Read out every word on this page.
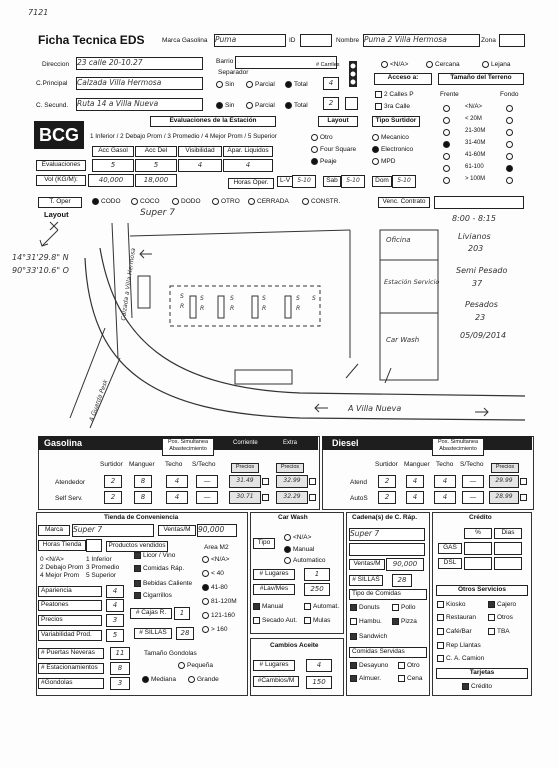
7121
Ficha Tecnica EDS	Marca Gasolina Puma	ID	Nombre Puma 2 Villa Hermosa	Zona
Direccion 23 calle 20-10.27	Barrio
Separador
<N/A>	Cercana	Lejana
C.Principal Calzada Villa Hermosa	Sin	Parcial	Total
# Carriles
4
Acceso a:
2 Calles P
3ra Calle
C. Secund. Ruta 14 a Villa Nueva	Sin	Parcial	Total	2
Tamaño del Terreno
Frente	Fondo
<N/A>
< 20M
21-30M
31-40M
41-60M
61-100
> 100M
BCG
Evaluaciones de la Estación
1 Inferior / 2 Debajo Prom / 3 Promedio / 4 Mejor Prom / 5 Superior
Acc Gasol	Acc Del	Visibilidad	Apar. Liquidos
Evaluaciones	5	5	4	4
Vol (KG/M):	40,000	18,000	Horas Oper.	L-V	5-10	Sab	5-10	Dom	5-10
Layout	Tipo Surtidor
Otro
Four Square
Peaje
Mecanico
Electronico
MPD
T. Oper	CODO	COCO	DODO	OTRO	CERRADA	CONSTR.	Venc. Contrato
Layout
S
R
S
R
S
R
S
R
S
R
S
14°31'29.8" N
90°33'10.6" O
Super 7
Calzada a Villa Hermosa
A Guarda Pesk	A Villa Nueva
Oficina
Estación Servicio
Car Wash
8:00 - 8:15
Livianos
203
Semi Pesado
37
Pesados
23
05/09/2014
Gasolina	Pos. Simultanea Abastecimiento
Corriente	Extra
Surtidor Manguer Techo S/Techo	Precios	Precios
Atendedor	2	8	4	—	31.49	32.99
Self Serv.	2	8	4	—	30.71	32.29
Diesel	Pos. Simultanea Abastecimiento
Surtidor Manguer Techo S/Techo	Precios
Atend	2	4	4	—	29.99
AutoS	2	4	4	—	28.99
Tienda de Conveniencia
Marca	Super 7	Ventas/M 90,000
Horas Tienda	Productos vendidos	Area M2
0 <N/A>	1 Inferior
2 Debajo Prom 3 Promedio
4 Mejor Prom 5 Superior
Licor / Vino
Comidas Ráp.
Bebidas Caliente
Cigarrillos
<N/A>
< 40
41-80
81-120M
121-160
> 160
Apariencia	4
Peatones	4
Precios	3
Variabilidad Prod.	5
# Cajas R.	1
# SILLAS	28
# Puertas Neveras	11
# Estacionamientos	8
#Gondolas	3
Tamaño Gondolas
Pequeña
Mediana	Grande
Car Wash
Tipo
<N/A>
Manual
Automatico
# Lugares	1
#Lav/Mes	250
Manual	Automat.
Secado Aut.	Mulas
Cambios Aceite
# Lugares	4
#Cambios/M	150
Cadena(s) de C. Ráp.
Super 7
Ventas/M	90,000
# SILLAS	28
Tipo de Comidas
Donuts	Pollo
Hambu.	Pizza
Sandwich
Comidas Servidas
Desayuno	Otro
Almuer.	Cena
Crédito
%	Dias
GAS
DSL
Otros Servicios
Kiosko	Cajero
Restauran	Otros
Café/Bar	TBA
Rep Llantas
C. A. Camion
Tarjetas
Crédito
